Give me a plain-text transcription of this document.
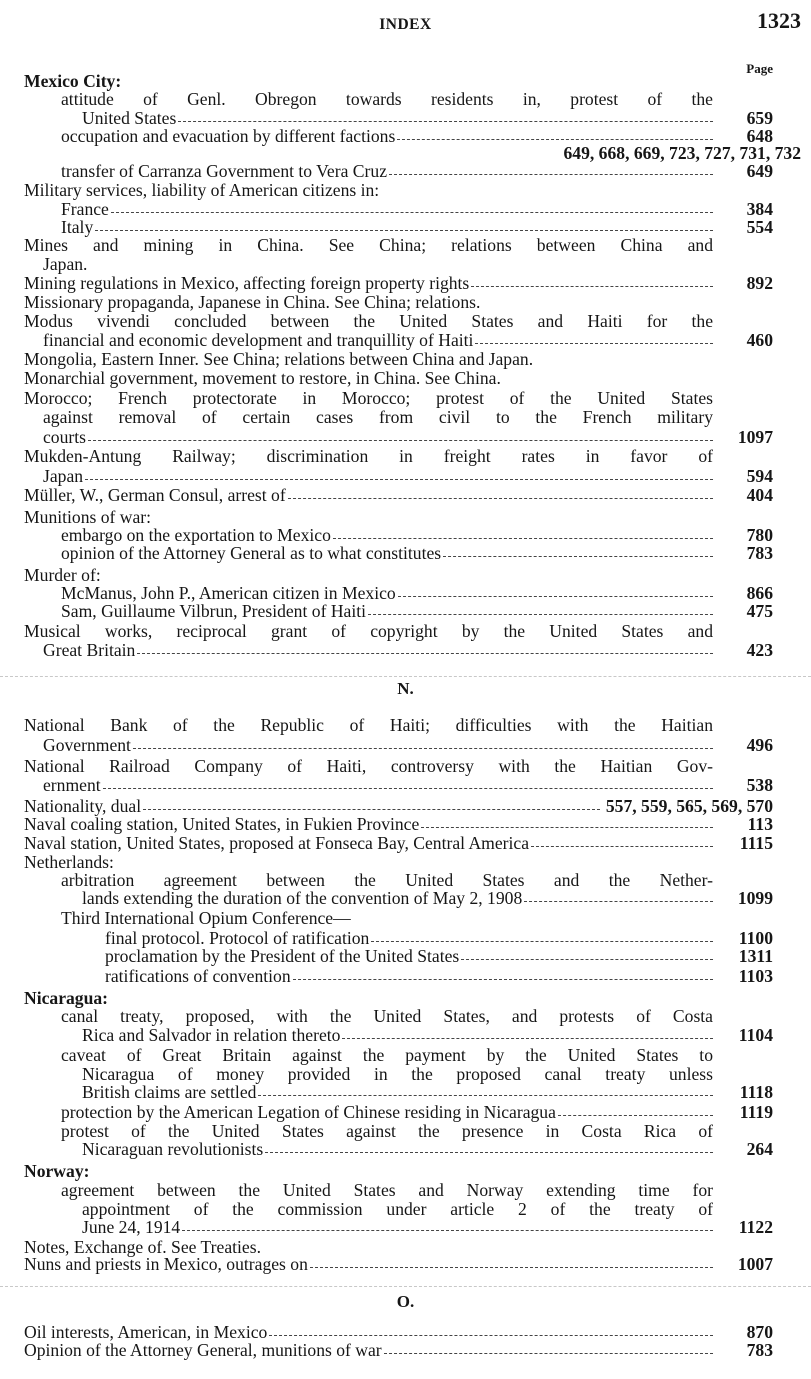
INDEX	1323
Page
Mexico City:
attitude of Genl. Obregon towards residents in, protest of the
United States	659
occupation and evacuation by different factions	648
649, 668, 669, 723, 727, 731, 732
transfer of Carranza Government to Vera Cruz	649
Military services, liability of American citizens in:
France	384
Italy	554
Mines and mining in China. See China; relations between China and
Japan.
Mining regulations in Mexico, affecting foreign property rights	892
Missionary propaganda, Japanese in China. See China; relations.
Modus vivendi concluded between the United States and Haiti for the
financial and economic development and tranquillity of Haiti	460
Mongolia, Eastern Inner. See China; relations between China and Japan.
Monarchial government, movement to restore, in China. See China.
Morocco; French protectorate in Morocco; protest of the United States
against removal of certain cases from civil to the French military
courts	1097
Mukden-Antung Railway; discrimination in freight rates in favor of
Japan	594
Müller, W., German Consul, arrest of	404
Munitions of war:
embargo on the exportation to Mexico	780
opinion of the Attorney General as to what constitutes	783
Murder of:
McManus, John P., American citizen in Mexico	866
Sam, Guillaume Vilbrun, President of Haiti	475
Musical works, reciprocal grant of copyright by the United States and
Great Britain	423
National Bank of the Republic of Haiti; difficulties with the Haitian
Government	496
National Railroad Company of Haiti, controversy with the Haitian Gov-
ernment	538
Nationality, dual	557, 559, 565, 569, 570
Naval coaling station, United States, in Fukien Province	113
Naval station, United States, proposed at Fonseca Bay, Central America	1115
Netherlands:
arbitration agreement between the United States and the Nether-
lands extending the duration of the convention of May 2, 1908	1099
Third International Opium Conference—
final protocol. Protocol of ratification	1100
proclamation by the President of the United States	1311
ratifications of convention	1103
Nicaragua:
canal treaty, proposed, with the United States, and protests of Costa
Rica and Salvador in relation thereto	1104
caveat of Great Britain against the payment by the United States to
Nicaragua of money provided in the proposed canal treaty unless
British claims are settled	1118
protection by the American Legation of Chinese residing in Nicaragua	1119
protest of the United States against the presence in Costa Rica of
Nicaraguan revolutionists	264
Norway:
agreement between the United States and Norway extending time for
appointment of the commission under article 2 of the treaty of
June 24, 1914	1122
Notes, Exchange of. See Treaties.
Nuns and priests in Mexico, outrages on	1007
Oil interests, American, in Mexico	870
Opinion of the Attorney General, munitions of war	783
N.
O.
